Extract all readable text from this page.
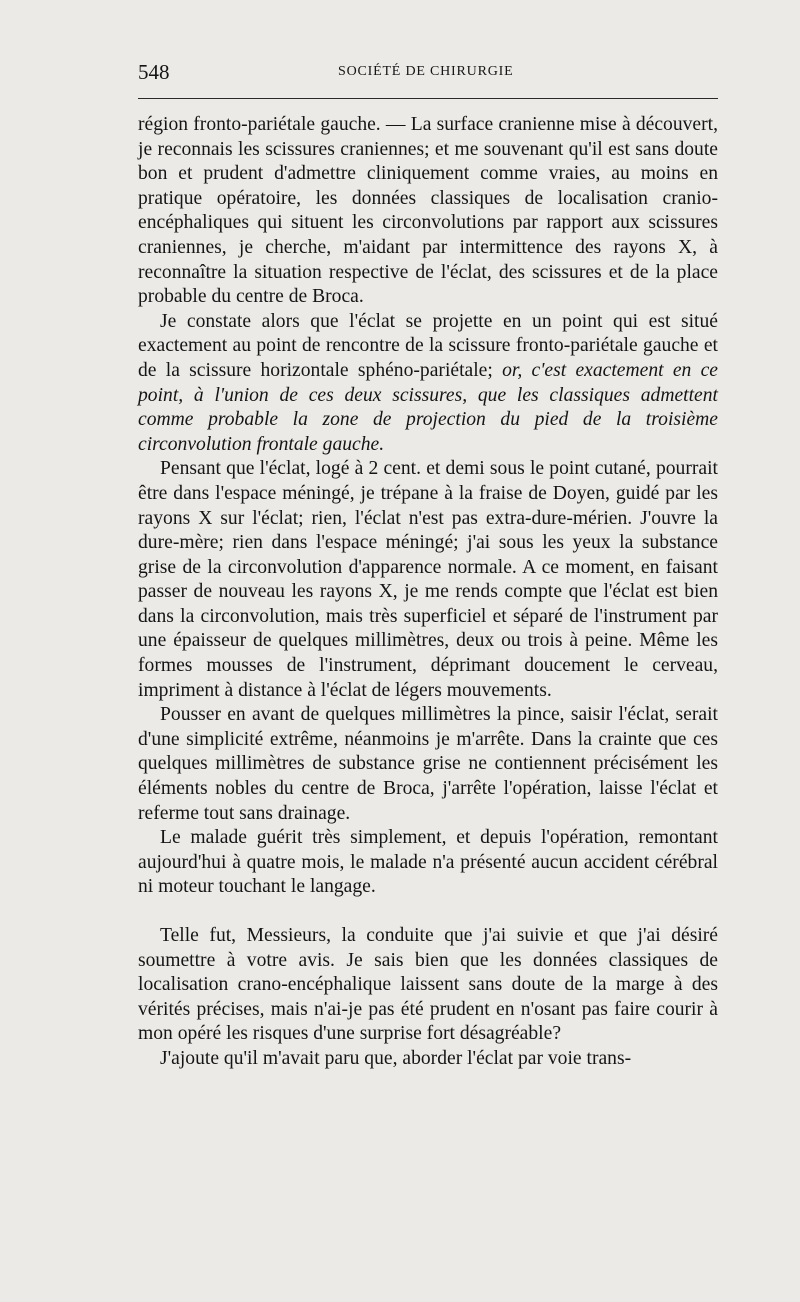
548	SOCIÉTÉ DE CHIRURGIE

région fronto-pariétale gauche. — La surface cranienne mise à découvert, je reconnais les scissures craniennes; et me souvenant qu'il est sans doute bon et prudent d'admettre cliniquement comme vraies, au moins en pratique opératoire, les données classiques de localisation cranio-encéphaliques qui situent les circonvolutions par rapport aux scissures craniennes, je cherche, m'aidant par intermittence des rayons X, à reconnaître la situation respective de l'éclat, des scissures et de la place probable du centre de Broca.

Je constate alors que l'éclat se projette en un point qui est situé exactement au point de rencontre de la scissure fronto-pariétale gauche et de la scissure horizontale sphéno-pariétale; or, c'est exactement en ce point, à l'union de ces deux scissures, que les classiques admettent comme probable la zone de projection du pied de la troisième circonvolution frontale gauche.

Pensant que l'éclat, logé à 2 cent. et demi sous le point cutané, pourrait être dans l'espace méningé, je trépane à la fraise de Doyen, guidé par les rayons X sur l'éclat; rien, l'éclat n'est pas extra-dure-mérien. J'ouvre la dure-mère; rien dans l'espace méningé; j'ai sous les yeux la substance grise de la circonvolution d'apparence normale. A ce moment, en faisant passer de nouveau les rayons X, je me rends compte que l'éclat est bien dans la circonvolution, mais très superficiel et séparé de l'instrument par une épaisseur de quelques millimètres, deux ou trois à peine. Même les formes mousses de l'instrument, déprimant doucement le cerveau, impriment à distance à l'éclat de légers mouvements.

Pousser en avant de quelques millimètres la pince, saisir l'éclat, serait d'une simplicité extrême, néanmoins je m'arrête. Dans la crainte que ces quelques millimètres de substance grise ne contiennent précisément les éléments nobles du centre de Broca, j'arrête l'opération, laisse l'éclat et referme tout sans drainage.

Le malade guérit très simplement, et depuis l'opération, remontant aujourd'hui à quatre mois, le malade n'a présenté aucun accident cérébral ni moteur touchant le langage.

Telle fut, Messieurs, la conduite que j'ai suivie et que j'ai désiré soumettre à votre avis. Je sais bien que les données classiques de localisation crano-encéphalique laissent sans doute de la marge à des vérités précises, mais n'ai-je pas été prudent en n'osant pas faire courir à mon opéré les risques d'une surprise fort désagréable?

J'ajoute qu'il m'avait paru que, aborder l'éclat par voie trans-
